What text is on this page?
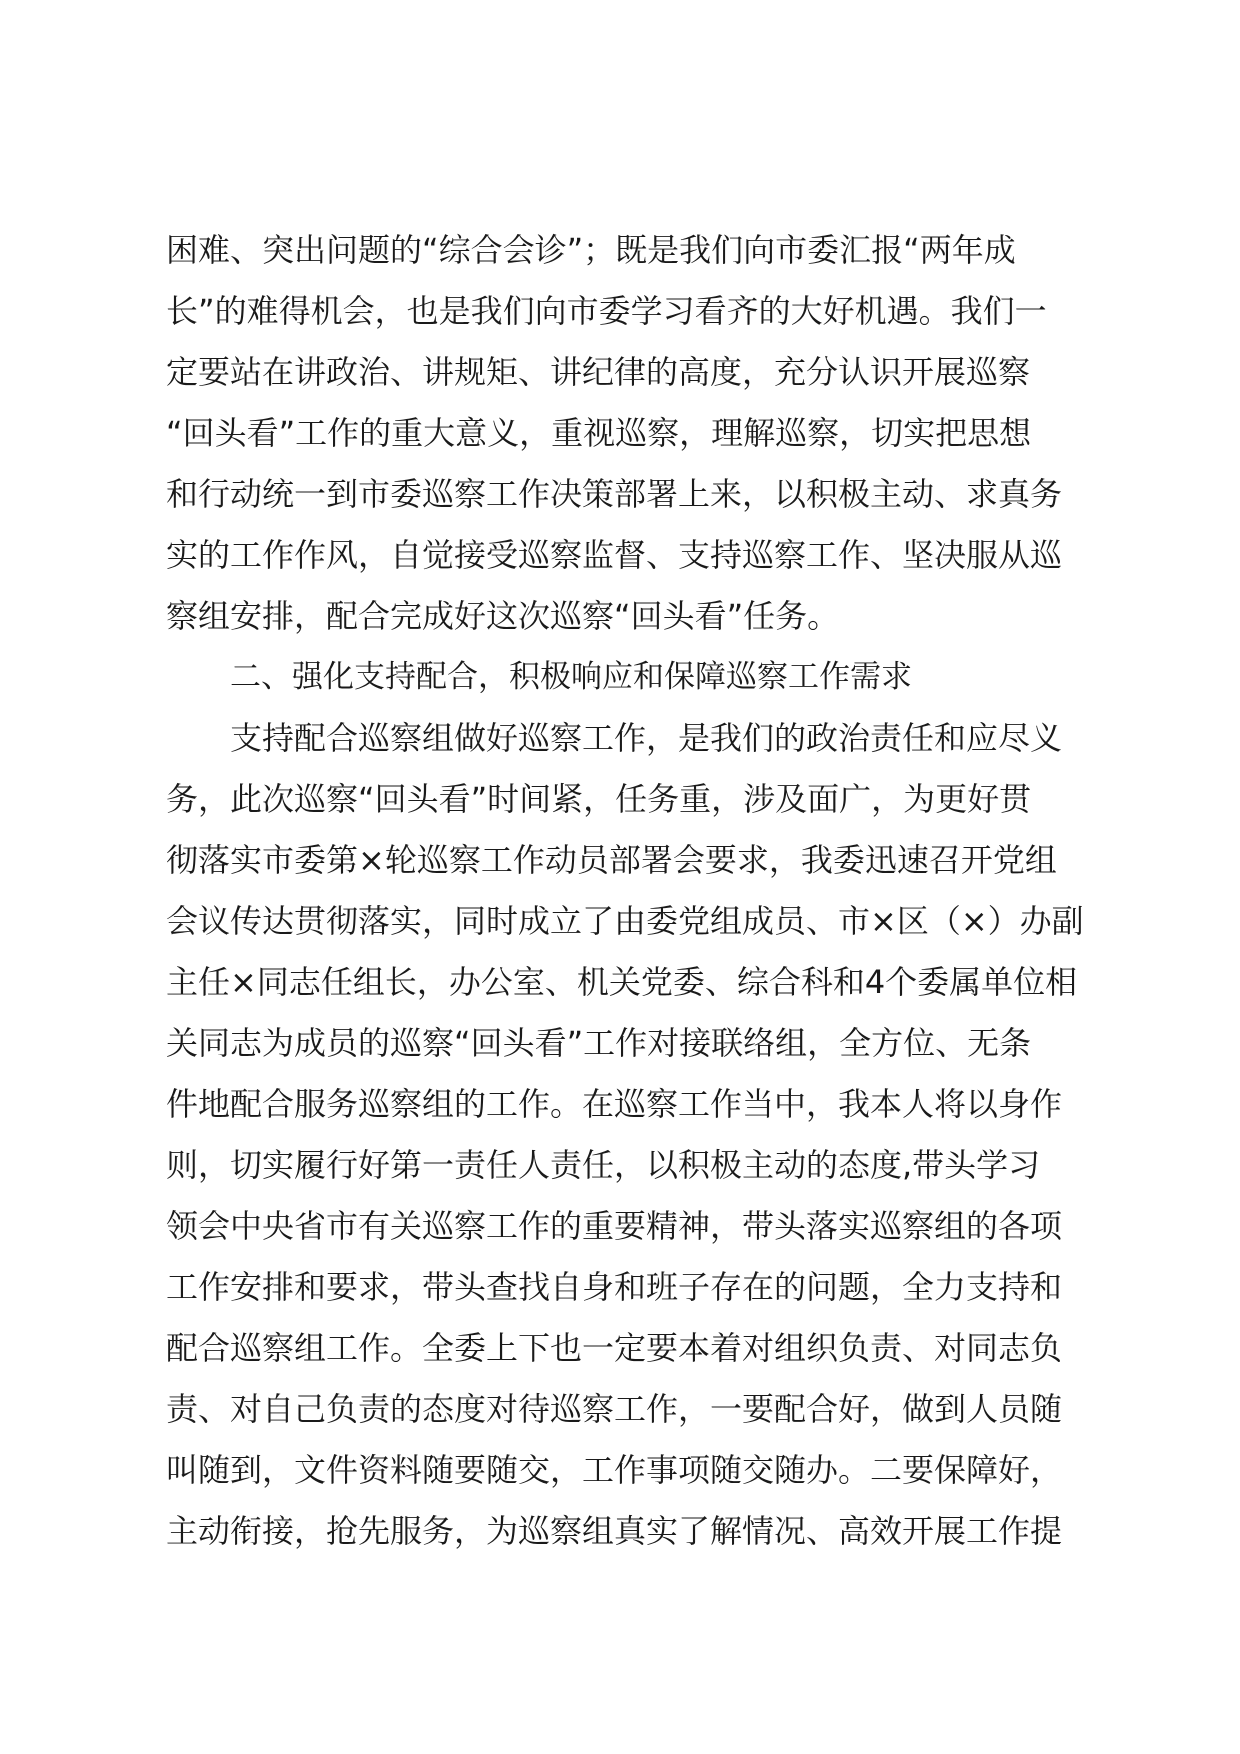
困难、突出问题的“综合会诊”；既是我们向市委汇报“两年成
长”的难得机会，也是我们向市委学习看齐的大好机遇。我们一
定要站在讲政治、讲规矩、讲纪律的高度，充分认识开展巡察
“回头看”工作的重大意义，重视巡察，理解巡察，切实把思想
和行动统一到市委巡察工作决策部署上来，以积极主动、求真务
实的工作作风，自觉接受巡察监督、支持巡察工作、坚决服从巡
察组安排，配合完成好这次巡察“回头看”任务。
二、强化支持配合，积极响应和保障巡察工作需求
支持配合巡察组做好巡察工作，是我们的政治责任和应尽义
务，此次巡察“回头看”时间紧，任务重，涉及面广，为更好贯
彻落实市委第×轮巡察工作动员部署会要求，我委迅速召开党组
会议传达贯彻落实，同时成立了由委党组成员、市×区（×）办副
主任×同志任组长，办公室、机关党委、综合科和4个委属单位相
关同志为成员的巡察“回头看”工作对接联络组，全方位、无条
件地配合服务巡察组的工作。在巡察工作当中，我本人将以身作
则，切实履行好第一责任人责任，以积极主动的态度,带头学习
领会中央省市有关巡察工作的重要精神，带头落实巡察组的各项
工作安排和要求，带头查找自身和班子存在的问题，全力支持和
配合巡察组工作。全委上下也一定要本着对组织负责、对同志负
责、对自己负责的态度对待巡察工作，一要配合好，做到人员随
叫随到，文件资料随要随交，工作事项随交随办。二要保障好，
主动衔接，抢先服务，为巡察组真实了解情况、高效开展工作提
